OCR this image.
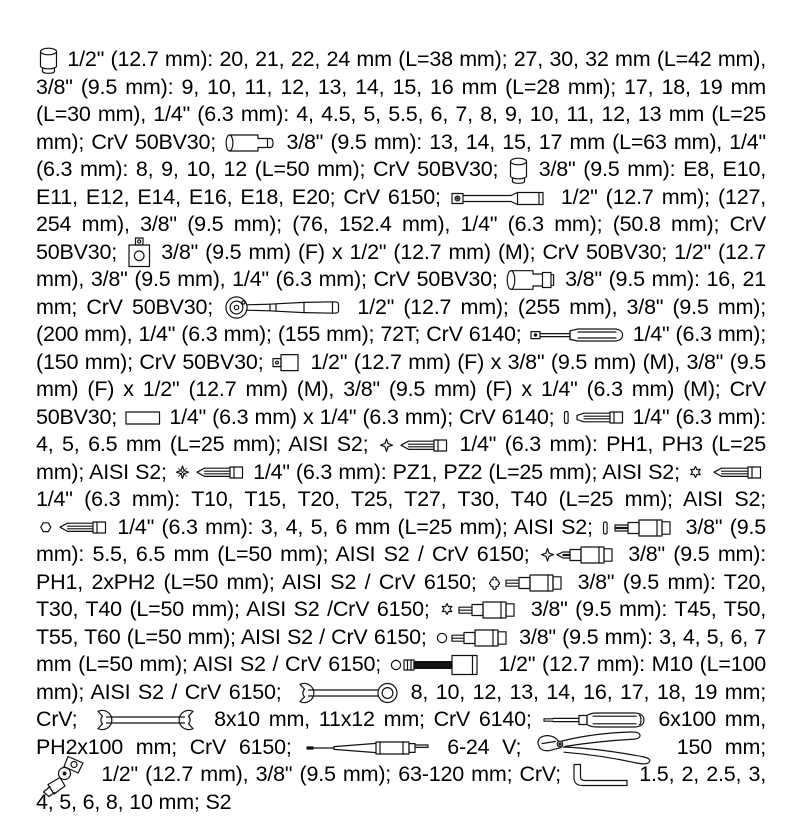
1/2" (12.7 mm): 20, 21, 22, 24 mm (L=38 mm); 27, 30, 32 mm (L=42 mm), 3/8" (9.5 mm): 9, 10, 11, 12, 13, 14, 15, 16 mm (L=28 mm); 17, 18, 19 mm (L=30 mm), 1/4" (6.3 mm): 4, 4.5, 5, 5.5, 6, 7, 8, 9, 10, 11, 12, 13 mm (L=25 mm); CrV 50BV30;	3/8" (9.5 mm): 13, 14, 15, 17 mm (L=63 mm), 1/4" (6.3 mm): 8, 9, 10, 12 (L=50 mm); CrV 50BV30;  3/8" (9.5 mm): E8, E10, E11, E12, E14, E16, E18, E20; CrV 6150;	1/2" (12.7 mm); (127, 254 mm), 3/8" (9.5 mm); (76, 152.4 mm), 1/4" (6.3 mm); (50.8 mm); CrV 50BV30;  3/8" (9.5 mm) (F) x 1/2" (12.7 mm) (M); CrV 50BV30; 1/2" (12.7 mm), 3/8" (9.5 mm), 1/4" (6.3 mm); CrV 50BV30;	3/8" (9.5 mm): 16, 21 mm; CrV 50BV30;	1/2" (12.7 mm); (255 mm), 3/8" (9.5 mm); (200 mm), 1/4" (6.3 mm); (155 mm); 72T; CrV 6140;	1/4" (6.3 mm); (150 mm); CrV 50BV30;  1/2" (12.7 mm) (F) x 3/8" (9.5 mm) (M), 3/8" (9.5 mm) (F) x 1/2" (12.7 mm) (M), 3/8" (9.5 mm) (F) x 1/4" (6.3 mm) (M); CrV 50BV30;  1/4" (6.3 mm) x 1/4" (6.3 mm); CrV 6140;	1/4" (6.3 mm): 4, 5, 6.5 mm (L=25 mm); AISI S2;	1/4" (6.3 mm): PH1, PH3 (L=25 mm); AISI S2;	1/4" (6.3 mm): PZ1, PZ2 (L=25 mm); AISI S2;  1/4" (6.3 mm): T10, T15, T20, T25, T27, T30, T40 (L=25 mm); AISI S2;  1/4" (6.3 mm): 3, 4, 5, 6 mm (L=25 mm); AISI S2;	3/8" (9.5 mm): 5.5, 6.5 mm (L=50 mm); AISI S2 / CrV 6150;	3/8" (9.5 mm): PH1, 2xPH2 (L=50 mm); AISI S2 / CrV 6150;	3/8" (9.5 mm): T20, T30, T40 (L=50 mm); AISI S2 /CrV 6150;	3/8" (9.5 mm): T45, T50, T55, T60 (L=50 mm); AISI S2 / CrV 6150;	3/8" (9.5 mm): 3, 4, 5, 6, 7 mm (L=50 mm); AISI S2 / CrV 6150;	1/2" (12.7 mm): M10 (L=100 mm); AISI S2 / CrV 6150;	8, 10, 12, 13, 14, 16, 17, 18, 19 mm; CrV;	8x10 mm, 11x12 mm; CrV 6140;	6x100 mm, PH2x100 mm; CrV 6150;	6-24 V;	150 mm;  1/2" (12.7 mm), 3/8" (9.5 mm); 63-120 mm; CrV;	1.5, 2, 2.5, 3, 4, 5, 6, 8, 10 mm; S2
